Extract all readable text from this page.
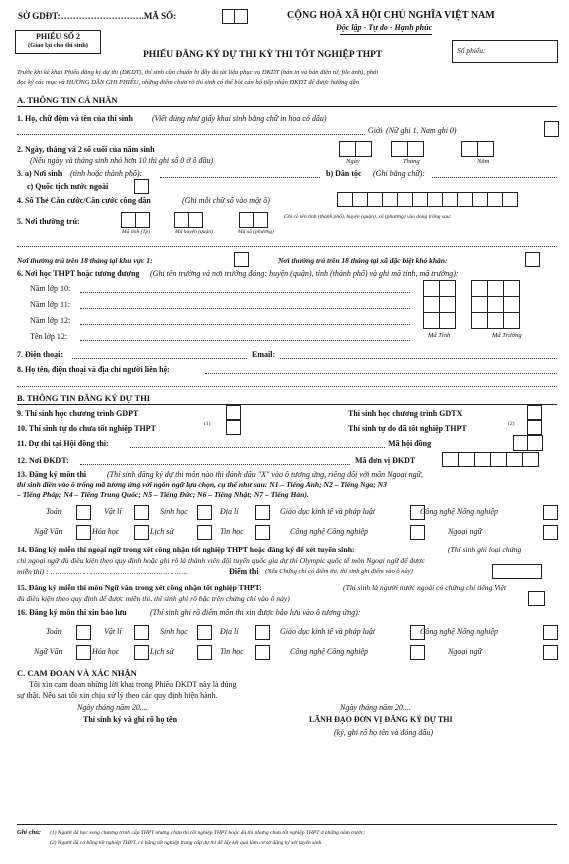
SỞ GDĐT:……………………….MÃ SỐ:	CỘNG HOÀ XÃ HỘI CHỦ NGHĨA VIỆT NAM
Độc lập - Tự do - Hạnh phúc
PHIẾU SỐ 2
(Giao lại cho thí sinh)
PHIẾU ĐĂNG KÝ DỰ THI KỲ THI TỐT NGHIỆP THPT	Số phiếu:
Trước khi kê khai Phiếu đăng ký dự thi (ĐKDT), thí sinh cần chuẩn bị đầy đủ tài liệu phục vụ ĐKDT (bản in và bản điện tử, file ảnh), phải
đọc kỹ các mục và HƯỚNG DẪN GHI PHIẾU, những điểm chưa rõ thí sinh có thể hỏi cán bộ tiếp nhận ĐKDT để được hướng dẫn
A. THÔNG TIN CÁ NHÂN
1. Họ, chữ đệm và tên của thí sinh (Viết đúng như giấy khai sinh bằng chữ in hoa có dấu)
Giới (Nữ ghi 1, Nam ghi 0)
2. Ngày, tháng và 2 số cuối của năm sinh
(Nếu ngày và tháng sinh nhỏ hơn 10 thì ghi số 0 ở ô đầu)	Ngày	Tháng	Năm
3. a) Nơi sinh (tỉnh hoặc thành phố):	b) Dân tộc (Ghi bằng chữ):
c) Quốc tịch nước ngoài
4. Số Thẻ Căn cước/Căn cước công dân	(Ghi mỗi chữ số vào một ô)
5. Nơi thường trú:	Ghi rõ tên tỉnh (thành phố), huyện (quận), xã (phường) vào dòng trống sau:
Mã tỉnh (Tp)	Mã huyện (quận)	Mã xã (phường)
Nơi thường trú trên 18 tháng tại khu vực 1:	Nơi thường trú trên 18 tháng tại xã đặc biệt khó khăn:
6. Nơi học THPT hoặc tương đương (Ghi tên trường và nơi trường đóng: huyện (quận), tỉnh (thành phố) và ghi mã tỉnh, mã trường):
Năm lớp 10:
Năm lớp 11:
Năm lớp 12:
Tên lớp 12:	Mã Tỉnh	Mã Trường
7. Điện thoại:	Email:
8. Họ tên, điện thoại và địa chỉ người liên hệ:
B. THÔNG TIN ĐĂNG KÝ DỰ THI
9. Thí sinh học chương trình GDPT	Thí sinh học chương trình GDTX
10. Thí sinh tự do chưa tốt nghiệp THPT	(1)	Thí sinh tự do đã tốt nghiệp THPT	(2)
11. Dự thi tại Hội đồng thi:	Mã hội đồng
12. Nơi ĐKDT:	Mã đơn vị ĐKDT
13. Đăng ký môn thi	(Thí sinh đăng ký dự thi môn nào thì đánh dấu "X" vào ô tương ứng, riêng đối với môn Ngoại ngữ,
thí sinh điền vào ô trống mã tương ứng với ngôn ngữ lựa chọn, cụ thể như sau: N1 – Tiếng Anh; N2 – Tiếng Nga; N3
– Tiếng Pháp; N4 – Tiếng Trung Quốc; N5 – Tiếng Đức; N6 – Tiếng Nhật; N7 – Tiếng Hàn).
Toán	Vật lí	Sinh học	Địa lí	Giáo dục kinh tế và pháp luật	Công nghệ Nông nghiệp
Ngữ Văn	Hóa học	Lịch sử	Tin học	Công nghệ Công nghiệp	Ngoại ngữ
14. Đăng ký miễn thi ngoại ngữ trong xét công nhận tốt nghiệp THPT hoặc đăng ký để xét tuyển sinh:	(Thí sinh ghi loại chứng
chỉ ngoại ngữ đủ điều kiện theo quy định hoặc ghi rõ là thành viên đội tuyển quốc gia dự thi Olympic quốc tế môn Ngoại ngữ để được
miễn thi) : …………………………………………………….	Điểm thi (Nếu Chứng chỉ có điểm thi, thí sinh ghi điểm vào ô này)
15. Đăng ký miễn thi môn Ngữ văn trong xét công nhận tốt nghiệp THPT:	(Thí sinh là người nước ngoài có chứng chỉ tiếng Việt
đủ điều kiện theo quy định để được miễn thi, thí sinh ghi rõ bậc trên chứng chỉ vào ô này)
16. Đăng ký môn thi xin bảo lưu	(Thí sinh ghi rõ điểm môn thi xin được bảo lưu vào ô tương ứng):
Toán	Vật lí	Sinh học	Địa lí	Giáo dục kinh tế và pháp luật	Công nghệ Nông nghiệp
Ngữ Văn	Hóa học	Lịch sử	Tin học	Công nghệ Công nghiệp	Ngoại ngữ
C. CAM ĐOAN VÀ XÁC NHẬN
Tôi xin cam đoan những lời khai trong Phiếu ĐKDT này là đúng
sự thật. Nếu sai tôi xin chịu xử lý theo các quy định hiện hành.
Ngày tháng năm 20....
Thí sinh ký và ghi rõ họ tên
Ngày tháng năm 20....
LÃNH ĐẠO ĐƠN VỊ ĐĂNG KÝ DỰ THI
(ký, ghi rõ họ tên và đóng dấu)
Ghi chú: (1) Người đã học xong chương trình cấp THPT nhưng chưa thi tốt nghiệp THPT hoặc đã thi nhưng chưa tốt nghiệp THPT ở những năm trước;
(2) Người đã có bằng tốt nghiệp THPT, có bằng tốt nghiệp trung cấp dự thi để lấy kết quả làm cơ sở đăng ký xét tuyển sinh.
